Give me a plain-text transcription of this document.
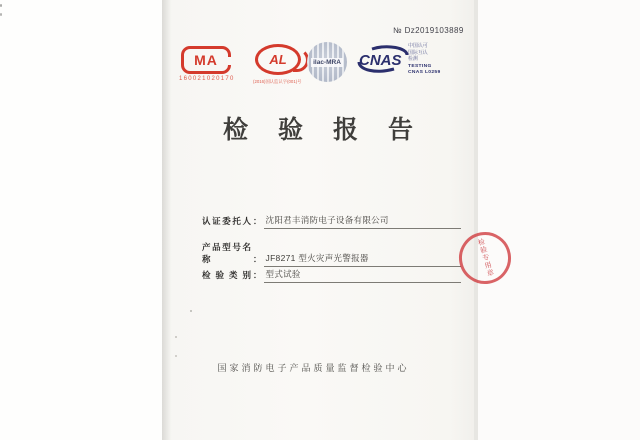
№ Dz2019103889
MA
160021020170
AL
(2016)国认监认字(001)号
ilac-MRA CNAS
中国认可
国际互认
检测
TESTING
CNAS L0259
检验报告
认证委托人 ： 沈阳君丰消防电子设备有限公司
产品型号名称	： JF8271 型火灾声光警报器
检验类别 ： 型式试验	检验专用章
国家消防电子产品质量监督检验中心
